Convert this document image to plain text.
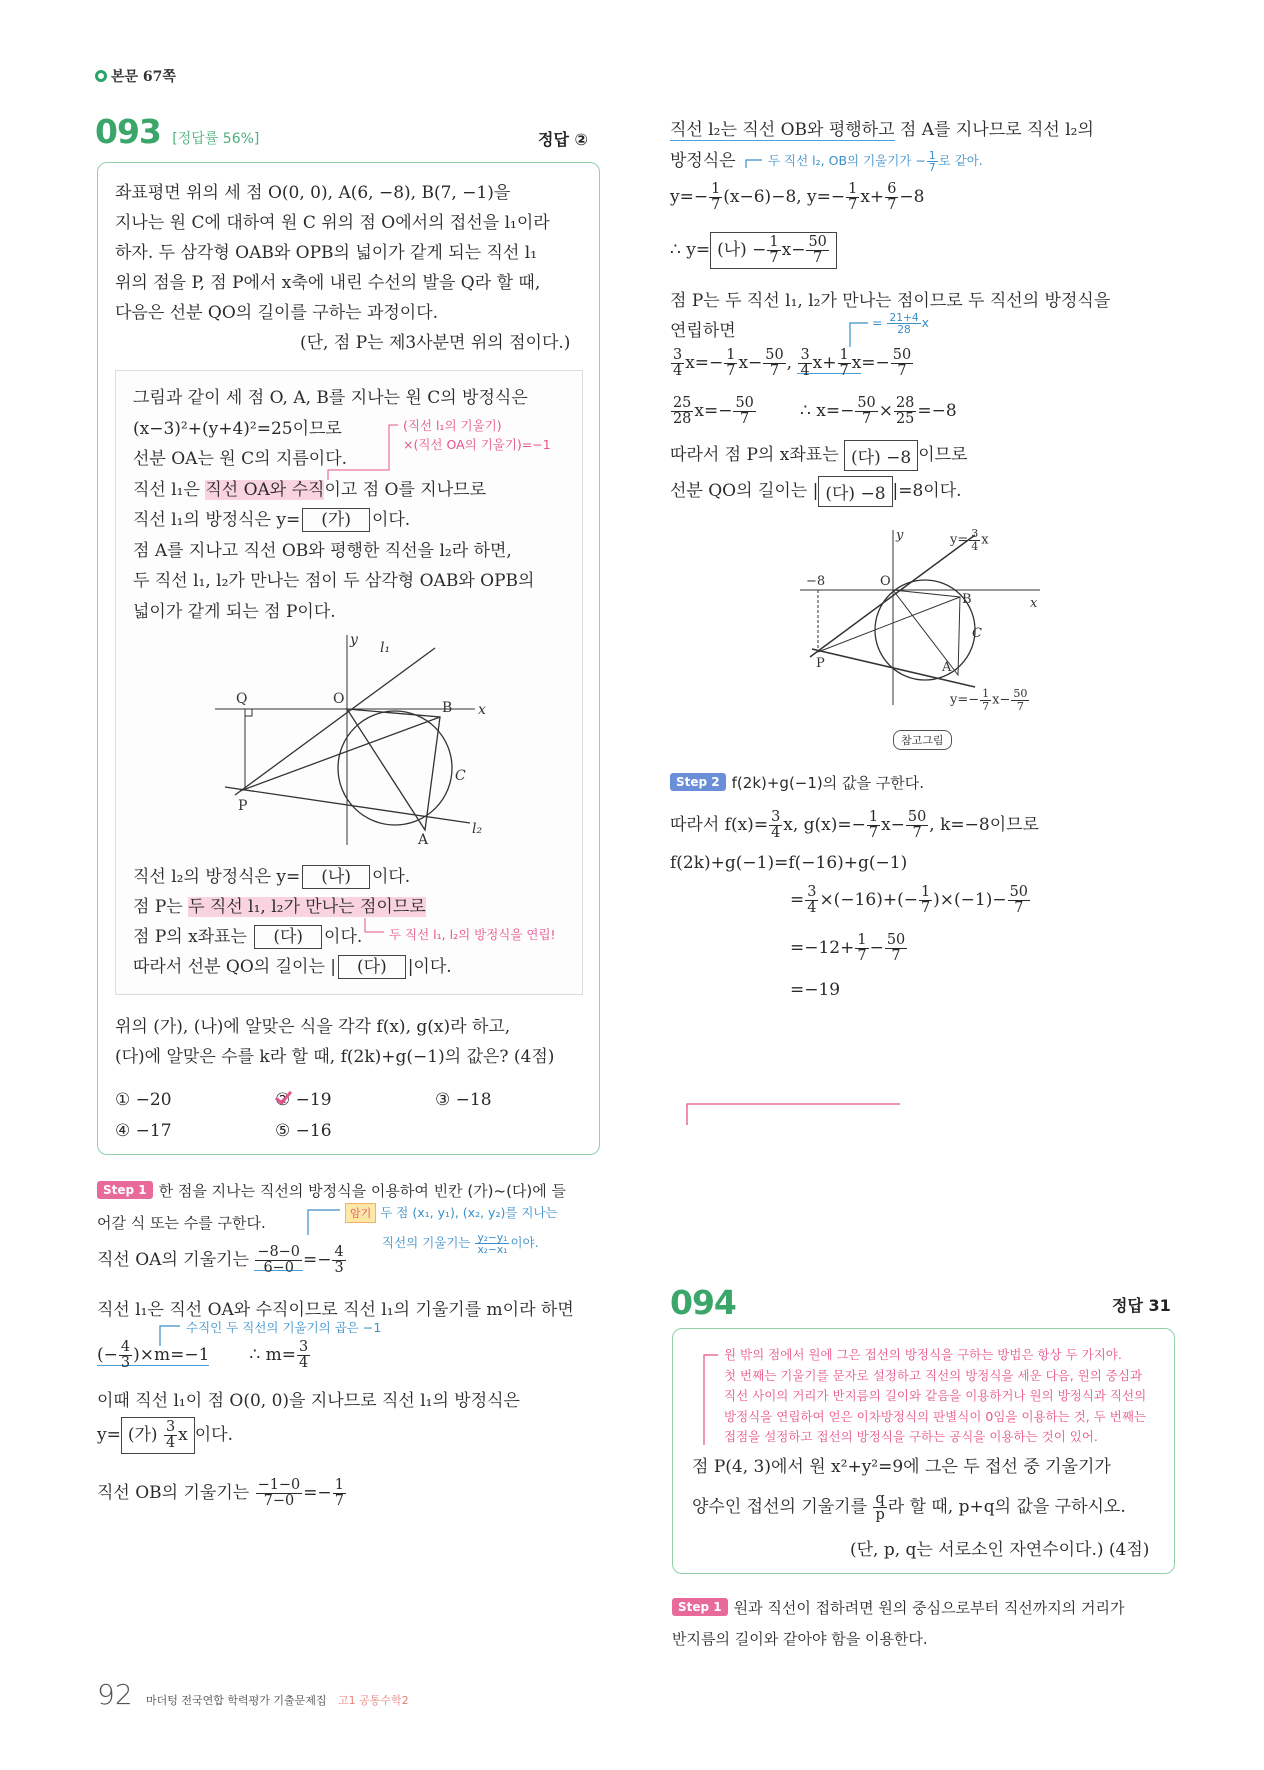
본문 67쪽
093 [정답률 56%]	정답 ②
좌표평면 위의 세 점 O(0, 0), A(6, −8), B(7, −1)을
지나는 원 C에 대하여 원 C 위의 점 O에서의 접선을 l₁이라
하자. 두 삼각형 OAB와 OPB의 넓이가 같게 되는 직선 l₁
위의 점을 P, 점 P에서 x축에 내린 수선의 발을 Q라 할 때,
다음은 선분 QO의 길이를 구하는 과정이다.
(단, 점 P는 제3사분면 위의 점이다.)
그림과 같이 세 점 O, A, B를 지나는 원 C의 방정식은
(x−3)²+(y+4)²=25이므로
선분 OA는 원 C의 지름이다.
직선 l₁은 직선 OA와 수직이고 점 O를 지나므로
직선 l₁의 방정식은 y= (가) 이다.
점 A를 지나고 직선 OB와 평행한 직선을 l₂라 하면,
두 직선 l₁, l₂가 만나는 점이 두 삼각형 OAB와 OPB의
넓이가 같게 되는 점 P이다.
(직선 l₁의 기울기)
×(직선 OA의 기울기)=−1
y
x
l₁
l₂
Q	O
B
C
P
A
직선 l₂의 방정식은 y= (나) 이다.
점 P는 두 직선 l₁, l₂가 만나는 점이므로
점 P의 x좌표는 (다) 이다.
따라서 선분 QO의 길이는 | (다) |이다.
두 직선 l₁, l₂의 방정식을 연립!
위의 (가), (나)에 알맞은 식을 각각 f(x), g(x)라 하고,
(다)에 알맞은 수를 k라 할 때, f(2k)+g(−1)의 값은? (4점)
① −20	② −19	③ −18
④ −17	⑤ −16
Step 1 한 점을 지나는 직선의 방정식을 이용하여 빈칸 (가)~(다)에 들
어갈 식 또는 수를 구한다.
암기 두 점 (x₁, y₁), (x₂, y₂)를 지나는
직선의 기울기는 $\frac{\text{y₂−y₁}}{\text{x₂−x₁}}$ 이야.
직선 OA의 기울기는 $\frac{-8-0}{6-0} =- \frac{4}{3}$
직선 l₁은 직선 OA와 수직이므로 직선 l₁의 기울기를 m이라 하면
수직인 두 직선의 기울기의 곱은 −1
(− $\frac{4}{3} )\times m=-1$ ∴ $m= \frac{3}{4}$
이때 직선 l₁이 점 O(0, 0)을 지나므로 직선 l₁의 방정식은
y= (가) $\frac{3}{4}$ x 이다.
직선 OB의 기울기는 $\frac{-1-0}{7-0} =- \frac{1}{7}$
직선 l₂는 직선 OB와 평행하고 점 A를 지나므로 직선 l₂의
방정식은	두 직선 l₂, OB의 기울기가 − $\frac{1}{7}$ 로 같아.
$y=- \frac{1}{7} (x-6)-8$, $y=- \frac{1}{7} x+ \frac{6}{7} -8$
∴ y= (나) − $\frac{1}{7} x- \frac{50}{7}$
점 P는 두 직선 l₁, l₂가 만나는 점이므로 두 직선의 방정식을
연립하면	= $\frac{21+4}{28}$ x
$\frac{3}{4} x=- \frac{1}{7} x- \frac{50}{7}$ , $\frac{3}{4} x+ \frac{1}{7} x=- \frac{50}{7}$
$\frac{25}{28} x=- \frac{50}{7}$ ∴ $x=- \frac{50}{7} \times \frac{28}{25} =-8$
따라서 점 P의 x좌표는 (다) −8 이므로
선분 QO의 길이는 | (다) −8 |=8이다.
y
x
−8	O
B
C
P	A
$y= \frac{3}{4}$ x
$y=- \frac{1}{7} x- \frac{50}{7}$
참고그림
Step 2 f(2k)+g(−1)의 값을 구한다.
따라서 $f(x)= \frac{3}{4} x$, $g(x)=- \frac{1}{7} x- \frac{50}{7}$ , k=−8이므로
f(2k)+g(−1)=f(−16)+g(−1)
= $\frac{3}{4} \times(-16)+(- \frac{1}{7} )\times(-1)- \frac{50}{7}$
$=-12+ \frac{1}{7} - \frac{50}{7}$
=−19
094	정답 31
원 밖의 점에서 원에 그은 접선의 방정식을 구하는 방법은 항상 두 가지야.
첫 번째는 기울기를 문자로 설정하고 직선의 방정식을 세운 다음, 원의 중심과
직선 사이의 거리가 반지름의 길이와 같음을 이용하거나 원의 방정식과 직선의
방정식을 연립하여 얻은 이차방정식의 판별식이 0임을 이용하는 것, 두 번째는
접점을 설정하고 접선의 방정식을 구하는 공식을 이용하는 것이 있어.
점 P(4, 3)에서 원 x²+y²=9에 그은 두 접선 중 기울기가
양수인 접선의 기울기를 $\frac{q}{p}$ 라 할 때, p+q의 값을 구하시오.
(단, p, q는 서로소인 자연수이다.) (4점)
Step 1 원과 직선이 접하려면 원의 중심으로부터 직선까지의 거리가
반지름의 길이와 같아야 함을 이용한다.
92 마더텅 전국연합 학력평가 기출문제집 고1 공통수학2
